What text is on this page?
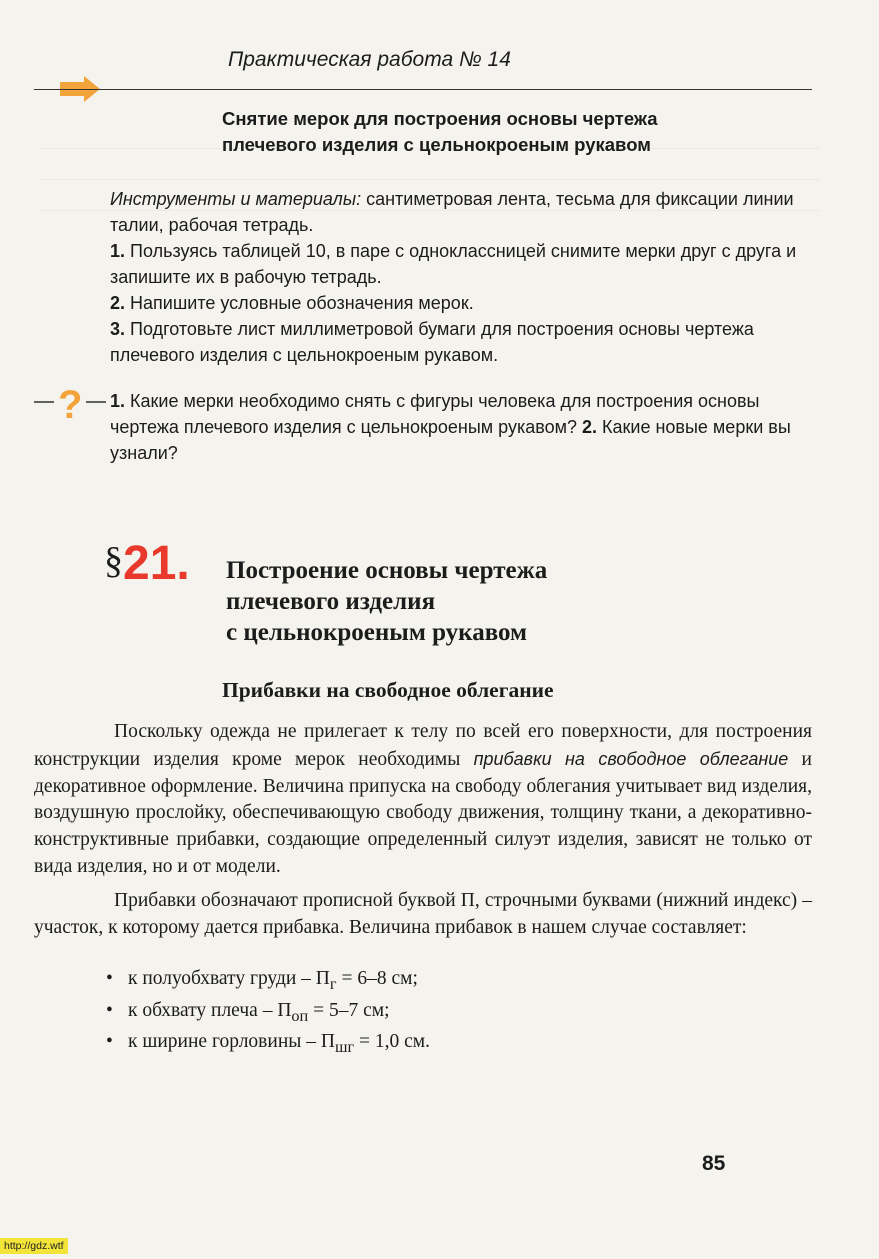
Практическая работа № 14
Снятие мерок для построения основы чертежа
плечевого изделия с цельнокроеным рукавом
Инструменты и материалы: сантиметровая лента, тесьма для фиксации линии талии, рабочая тетрадь.
1. Пользуясь таблицей 10, в паре с одноклассницей снимите мерки друг с друга и запишите их в рабочую тетрадь.
2. Напишите условные обозначения мерок.
3. Подготовьте лист миллиметровой бумаги для построения основы чертежа плечевого изделия с цельнокроеным рукавом.
? 1. Какие мерки необходимо снять с фигуры человека для построения основы чертежа плечевого изделия с цельнокроеным рукавом? 2. Какие новые мерки вы узнали?
§21. Построение основы чертежа
плечевого изделия
с цельнокроеным рукавом
Прибавки на свободное облегание
Поскольку одежда не прилегает к телу по всей его поверхности, для построения конструкции изделия кроме мерок необходимы прибавки на свободное облегание и декоративное оформление. Величина припуска на свободу облегания учитывает вид изделия, воздушную прослойку, обеспечивающую свободу движения, толщину ткани, а декоративно-конструктивные прибавки, создающие определенный силуэт изделия, зависят не только от вида изделия, но и от модели.
Прибавки обозначают прописной буквой П, строчными буквами (нижний индекс) – участок, к которому дается прибавка. Величина прибавок в нашем случае составляет:
• к полуобхвату груди – $П_г = 6-8$ см;
• к обхвату плеча – $П_{оп} = 5-7$ см;
• к ширине горловины – $П_{шг} = 1,0$ см.
85
http://gdz.wtf
